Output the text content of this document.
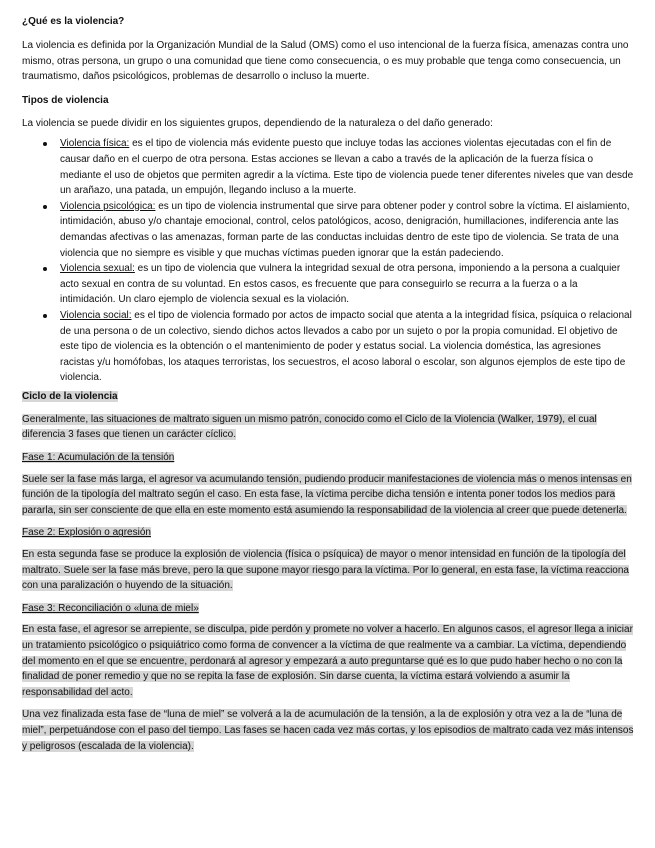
¿Qué es la violencia?

La violencia es definida por la Organización Mundial de la Salud (OMS) como el uso intencional de la fuerza física, amenazas contra uno mismo, otras persona, un grupo o una comunidad que tiene como consecuencia, o es muy probable que tenga como consecuencia, un traumatismo, daños psicológicos, problemas de desarrollo o incluso la muerte.

Tipos de violencia

La violencia se puede dividir en los siguientes grupos, dependiendo de la naturaleza o del daño generado:

Violencia física: es el tipo de violencia más evidente puesto que incluye todas las acciones violentas ejecutadas con el fin de causar daño en el cuerpo de otra persona. Estas acciones se llevan a cabo a través de la aplicación de la fuerza física o mediante el uso de objetos que permiten agredir a la víctima. Este tipo de violencia puede tener diferentes niveles que van desde un arañazo, una patada, un empujón, llegando incluso a la muerte.
Violencia psicológica: es un tipo de violencia instrumental que sirve para obtener poder y control sobre la víctima. El aislamiento, intimidación, abuso y/o chantaje emocional, control, celos patológicos, acoso, denigración, humillaciones, indiferencia ante las demandas afectivas o las amenazas, forman parte de las conductas incluidas dentro de este tipo de violencia. Se trata de una violencia que no siempre es visible y que muchas víctimas pueden ignorar que la están padeciendo.
Violencia sexual: es un tipo de violencia que vulnera la integridad sexual de otra persona, imponiendo a la persona a cualquier acto sexual en contra de su voluntad. En estos casos, es frecuente que para conseguirlo se recurra a la fuerza o a la intimidación. Un claro ejemplo de violencia sexual es la violación.
Violencia social: es el tipo de violencia formado por actos de impacto social que atenta a la integridad física, psíquica o relacional de una persona o de un colectivo, siendo dichos actos llevados a cabo por un sujeto o por la propia comunidad. El objetivo de este tipo de violencia es la obtención o el mantenimiento de poder y estatus social. La violencia doméstica, las agresiones racistas y/u homófobas, los ataques terroristas, los secuestros, el acoso laboral o escolar, son algunos ejemplos de este tipo de violencia.

Ciclo de la violencia

Generalmente, las situaciones de maltrato siguen un mismo patrón, conocido como el Ciclo de la Violencia (Walker, 1979), el cual diferencia 3 fases que tienen un carácter cíclico.

Fase 1: Acumulación de la tensión

Suele ser la fase más larga, el agresor va acumulando tensión, pudiendo producir manifestaciones de violencia más o menos intensas en función de la tipología del maltrato según el caso. En esta fase, la víctima percibe dicha tensión e intenta poner todos los medios para pararla, sin ser consciente de que ella en este momento está asumiendo la responsabilidad de la violencia al creer que puede detenerla.

Fase 2: Explosión o agresión

En esta segunda fase se produce la explosión de violencia (física o psíquica) de mayor o menor intensidad en función de la tipología del maltrato. Suele ser la fase más breve, pero la que supone mayor riesgo para la víctima. Por lo general, en esta fase, la víctima reacciona con una paralización o huyendo de la situación.

Fase 3: Reconciliación o «luna de miel»

En esta fase, el agresor se arrepiente, se disculpa, pide perdón y promete no volver a hacerlo. En algunos casos, el agresor llega a iniciar un tratamiento psicológico o psiquiátrico como forma de convencer a la víctima de que realmente va a cambiar. La víctima, dependiendo del momento en el que se encuentre, perdonará al agresor y empezará a auto preguntarse qué es lo que pudo haber hecho o no con la finalidad de poner remedio y que no se repita la fase de explosión. Sin darse cuenta, la víctima estará volviendo a asumir la responsabilidad del acto.

Una vez finalizada esta fase de “luna de miel” se volverá a la de acumulación de la tensión, a la de explosión y otra vez a la de “luna de miel”, perpetuándose con el paso del tiempo. Las fases se hacen cada vez más cortas, y los episodios de maltrato cada vez más intensos y peligrosos (escalada de la violencia).
